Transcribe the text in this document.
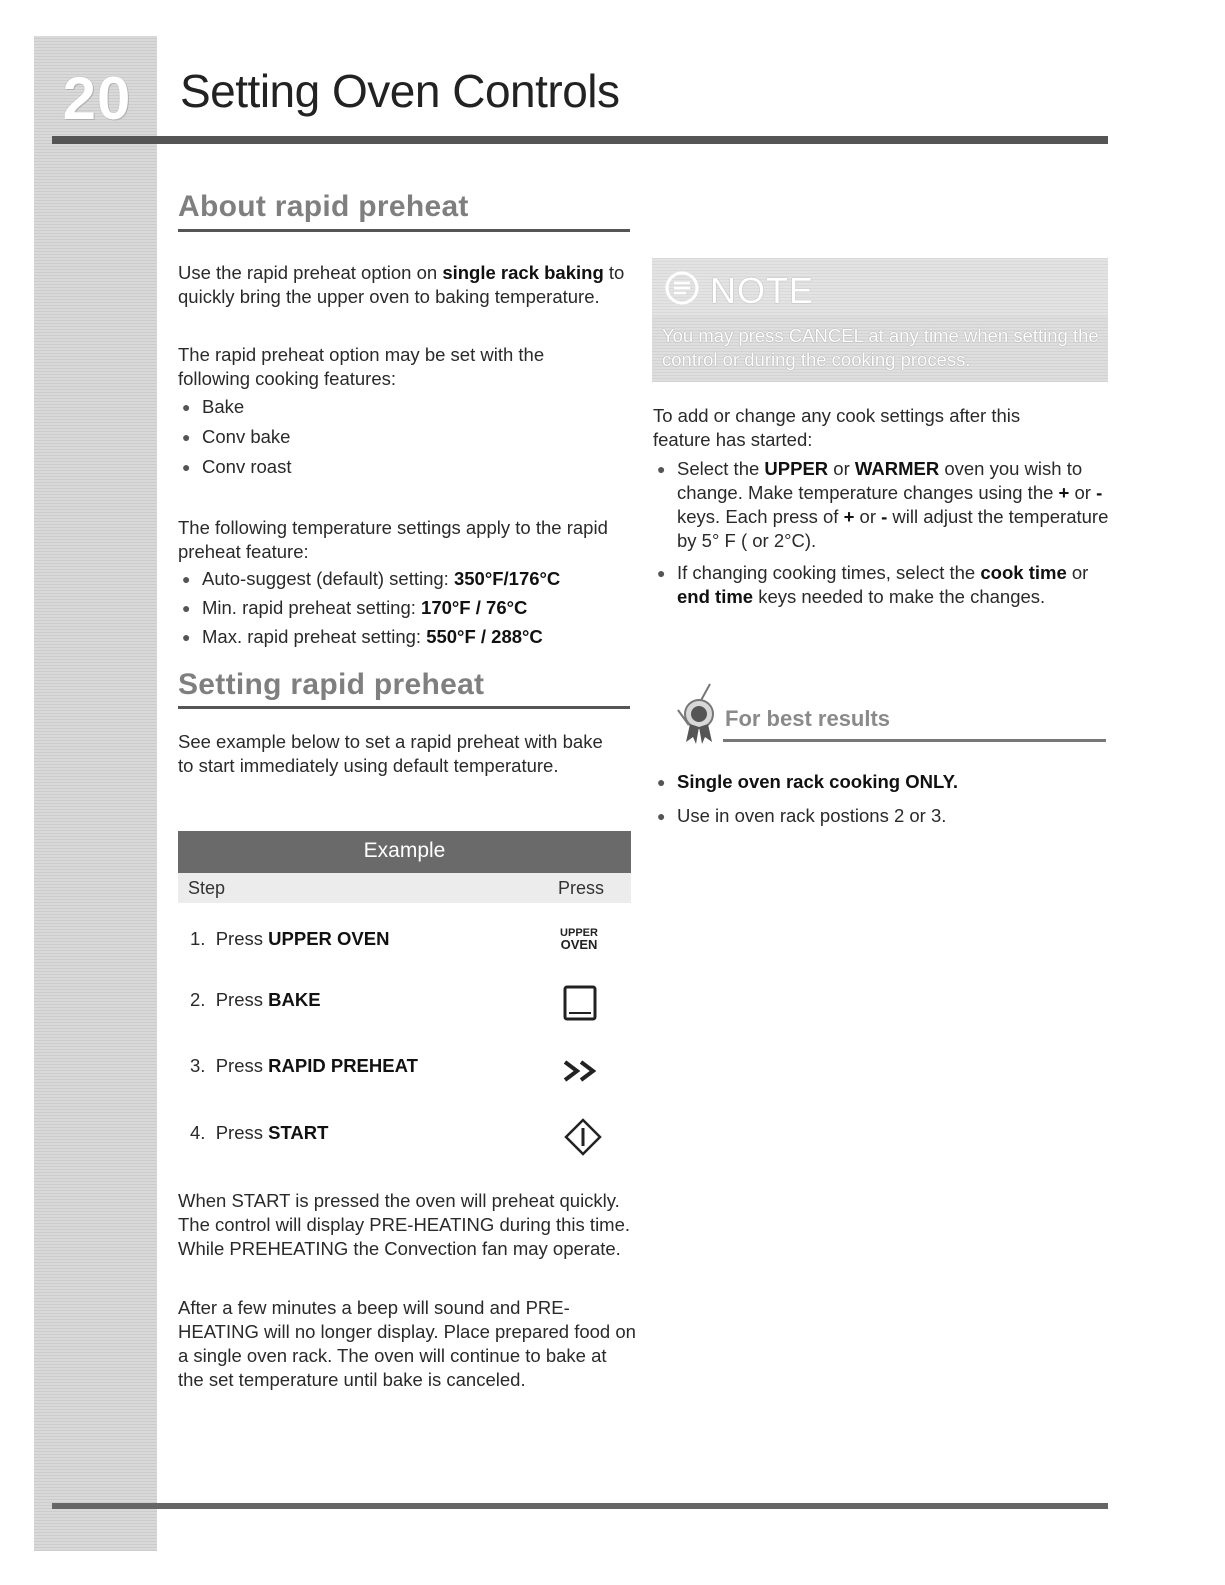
20	Setting Oven Controls
About rapid preheat

Use the rapid preheat option on single rack baking to quickly bring the upper oven to baking temperature.

The rapid preheat option may be set with the following cooking features:
● Bake
● Conv bake
● Conv roast
The following temperature settings apply to the rapid preheat feature:
● Auto-suggest (default) setting: 350°F/176°C
● Min. rapid preheat setting: 170°F / 76°C
● Max. rapid preheat setting: 550°F / 288°C
Setting rapid preheat
See example below to set a rapid preheat with bake to start immediately using default temperature.
Example
Step	Press
1. Press UPPER OVEN	UPPER
OVEN
2. Press BAKE
3. Press RAPID PREHEAT
4. Press START
When START is pressed the oven will preheat quickly. The control will display PRE-HEATING during this time. While PREHEATING the Convection fan may operate.
After a few minutes a beep will sound and PRE-HEATING will no longer display. Place prepared food on a single oven rack. The oven will continue to bake at the set temperature until bake is canceled.
NOTE
You may press CANCEL at any time when setting the control or during the cooking process.
To add or change any cook settings after this feature has started:
● Select the UPPER or WARMER oven you wish to change. Make temperature changes using the + or - keys. Each press of + or - will adjust the temperature by 5° F ( or 2°C).
● If changing cooking times, select the cook time or end time keys needed to make the changes.
For best results
● Single oven rack cooking ONLY.
● Use in oven rack postions 2 or 3.
